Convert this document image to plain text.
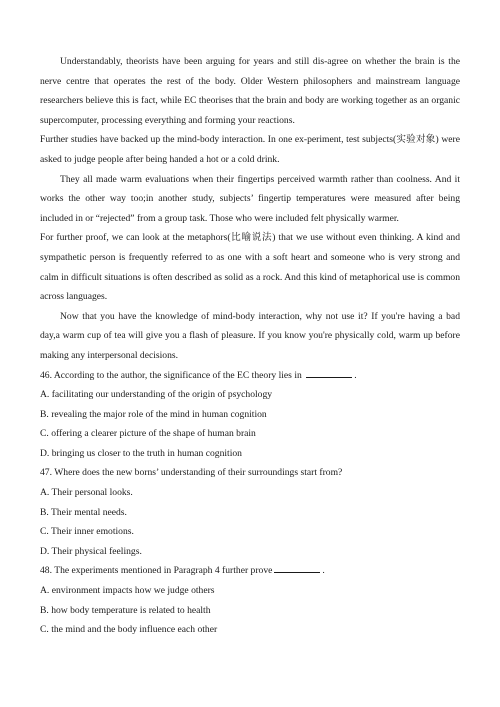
Understandably, theorists have been arguing for years and still dis-agree on whether the brain is the nerve centre that operates the rest of the body. Older Western philosophers and mainstream language researchers believe this is fact, while EC theorises that the brain and body are working together as an organic supercomputer, processing everything and forming your reactions.

Further studies have backed up the mind-body interaction. In one ex-periment, test subjects(实验对象) were asked to judge people after being handed a hot or a cold drink.

They all made warm evaluations when their fingertips perceived warmth rather than coolness. And it works the other way too;in another study, subjects’ fingertip temperatures were measured after being included in or “rejected” from a group task. Those who were included felt physically warmer.

For further proof, we can look at the metaphors(比喻说法) that we use without even thinking. A kind and sympathetic person is frequently referred to as one with a soft heart and someone who is very strong and calm in difficult situations is often described as solid as a rock. And this kind of metaphorical use is common across languages.

Now that you have the knowledge of mind-body interaction, why not use it? If you're having a bad day,a warm cup of tea will give you a flash of pleasure. If you know you're physically cold, warm up before making any interpersonal decisions.

46. According to the author, the significance of the EC theory lies in	.

A. facilitating our understanding of the origin of psychology

B. revealing the major role of the mind in human cognition

C. offering a clearer picture of the shape of human brain

D. bringing us closer to the truth in human cognition

47. Where does the new borns’ understanding of their surroundings start from?

A. Their personal looks.

B. Their mental needs.

C. Their inner emotions.

D. Their physical feelings.

48. The experiments mentioned in Paragraph 4 further prove	.

A. environment impacts how we judge others

B. how body temperature is related to health

C. the mind and the body influence each other
